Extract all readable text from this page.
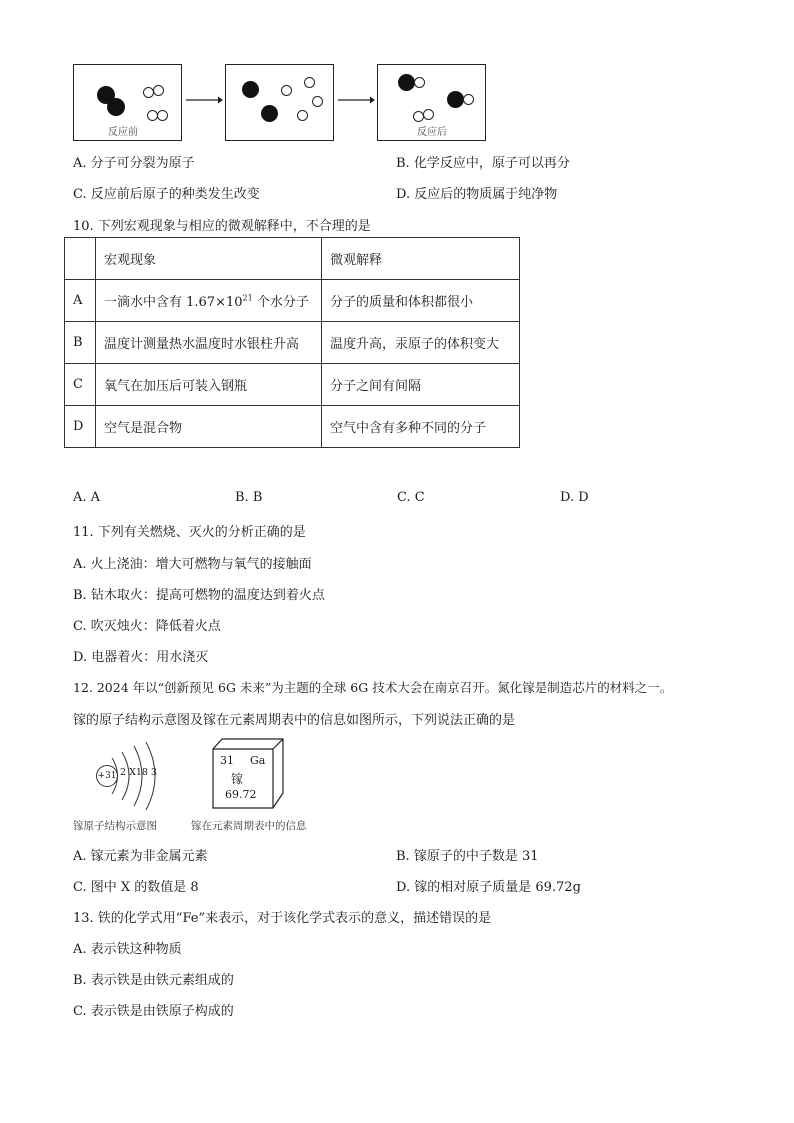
反应前	反应后
A. 分子可分裂为原子	B. 化学反应中，原子可以再分
C. 反应前后原子的种类发生改变	D. 反应后的物质属于纯净物
10. 下列宏观现象与相应的微观解释中，不合理的是
	宏观现象	微观解释
A	一滴水中含有 $1.67\times 10^{21}$ 个水分子	分子的质量和体积都很小
B	温度计测量热水温度时水银柱升高	温度升高，汞原子的体积变大
C	氧气在加压后可装入钢瓶	分子之间有间隔
D	空气是混合物	空气中含有多种不同的分子
A. A	B. B	C. C	D. D
11. 下列有关燃烧、灭火的分析正确的是
A. 火上浇油：增大可燃物与氧气的接触面
B. 钻木取火：提高可燃物的温度达到着火点
C. 吹灭烛火：降低着火点
D. 电器着火：用水浇灭
12. 2024 年以“创新预见 6G 未来”为主题的全球 6G 技术大会在南京召开。氮化镓是制造芯片的材料之一。
镓的原子结构示意图及镓在元素周期表中的信息如图所示，下列说法正确的是
+31 2 X18 3
镓原子结构示意图
31 Ga
镓
69.72
镓在元素周期表中的信息
A. 镓元素为非金属元素	B. 镓原子的中子数是 31
C. 图中 X 的数值是 8	D. 镓的相对原子质量是 69.72g
13. 铁的化学式用“Fe”来表示，对于该化学式表示的意义，描述错误的是
A. 表示铁这种物质
B. 表示铁是由铁元素组成的
C. 表示铁是由铁原子构成的
